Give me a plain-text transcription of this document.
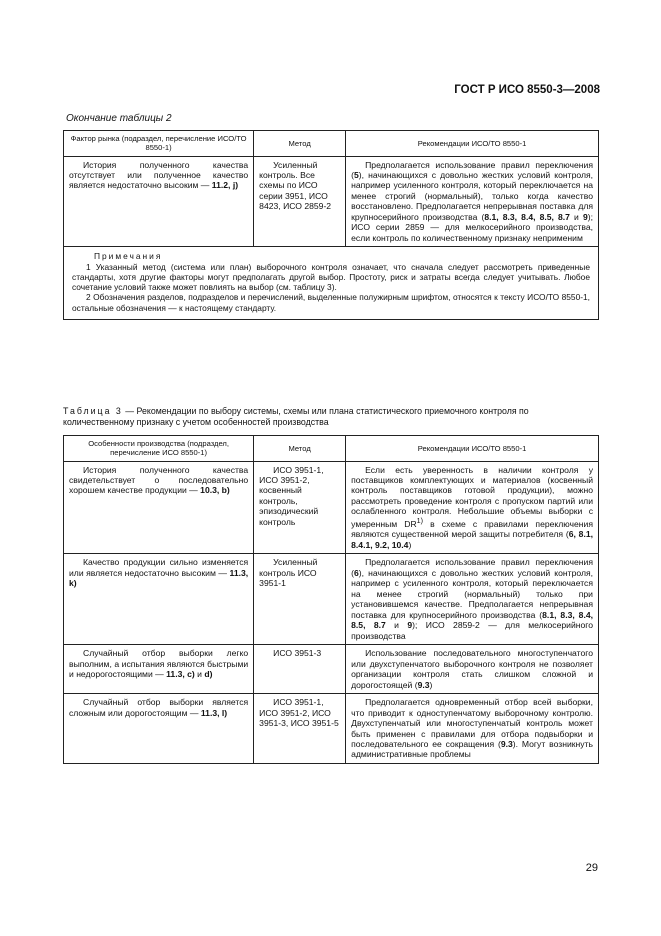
ГОСТ Р ИСО 8550-3—2008
Окончание таблицы 2
Фактор рынка (подраздел, перечисление ИСО/ТО 8550-1)	Метод	Рекомендации ИСО/ТО 8550-1

История полученного качества отсутствует или полученное качество является недостаточно высоким — 11.2, j)	Усиленный контроль. Все схемы по ИСО серии 3951, ИСО 8423, ИСО 2859-2	Предполагается использование правил переключения (5), начинающихся с довольно жестких условий контроля, например усиленного контроля, который переключается на менее строгий (нормальный), только когда качество восстановлено. Предполагается непрерывная поставка для крупносерийного производства (8.1, 8.3, 8.4, 8.5, 8.7 и 9); ИСО серии 2859 — для мелкосерийного производства, если контроль по количественному признаку неприменим

Примечания

1 Указанный метод (система или план) выборочного контроля означает, что сначала следует рассмотреть приведенные стандарты, хотя другие факторы могут предполагать другой выбор. Простоту, риск и затраты всегда следует учитывать. Любое сочетание условий также может повлиять на выбор (см. таблицу 3).

2 Обозначения разделов, подразделов и перечислений, выделенные полужирным шрифтом, относятся к тексту ИСО/ТО 8550-1, остальные обозначения — к настоящему стандарту.		

Таблица 3 — Рекомендации по выбору системы, схемы или плана статистического приемочного контроля по количественному признаку с учетом особенностей производства
Особенности производства (подраздел, перечисление ИСО 8550-1)	Метод	Рекомендации ИСО/ТО 8550-1

История полученного качества свидетельствует о последовательно хорошем качестве продукции — 10.3, b)	ИСО 3951-1, ИСО 3951-2, косвенный контроль, эпизодический контроль	Если есть уверенность в наличии контроля у поставщиков комплектующих и материалов (косвенный контроль поставщиков готовой продукции), можно рассмотреть проведение контроля с пропуском партий или ослабленного контроля. Небольшие объемы выборки с умеренным DR$^{1)}$ в схеме с правилами переключения являются существенной мерой защиты потребителя (6, 8.1, 8.4.1, 9.2, 10.4)

Качество продукции сильно изменяется или является недостаточно высоким — 11.3, k)	Усиленный контроль ИСО 3951-1	Предполагается использование правил переключения (6), начинающихся с довольно жестких условий контроля, например с усиленного контроля, который переключается на менее строгий (нормальный) только при установившемся качестве. Предполагается непрерывная поставка для крупносерийного производства (8.1, 8.3, 8.4, 8.5, 8.7 и 9); ИСО 2859-2 — для мелкосерийного производства

Случайный отбор выборки легко выполним, а испытания являются быстрыми и недорогостоящими — 11.3, c) и d)	ИСО 3951-3	Использование последовательного многоступенчатого или двухступенчатого выборочного контроля не позволяет организации контроля стать слишком сложной и дорогостоящей (9.3)

Случайный отбор выборки является сложным или дорогостоящим — 11.3, l)	ИСО 3951-1, ИСО 3951-2, ИСО 3951-3, ИСО 3951-5	Предполагается одновременный отбор всей выборки, что приводит к одноступенчатому выборочному контролю. Двухступенчатый или многоступенчатый контроль может быть применен с правилами для отбора подвыборки и последовательного ее сокращения (9.3). Могут возникнуть административные проблемы

29
